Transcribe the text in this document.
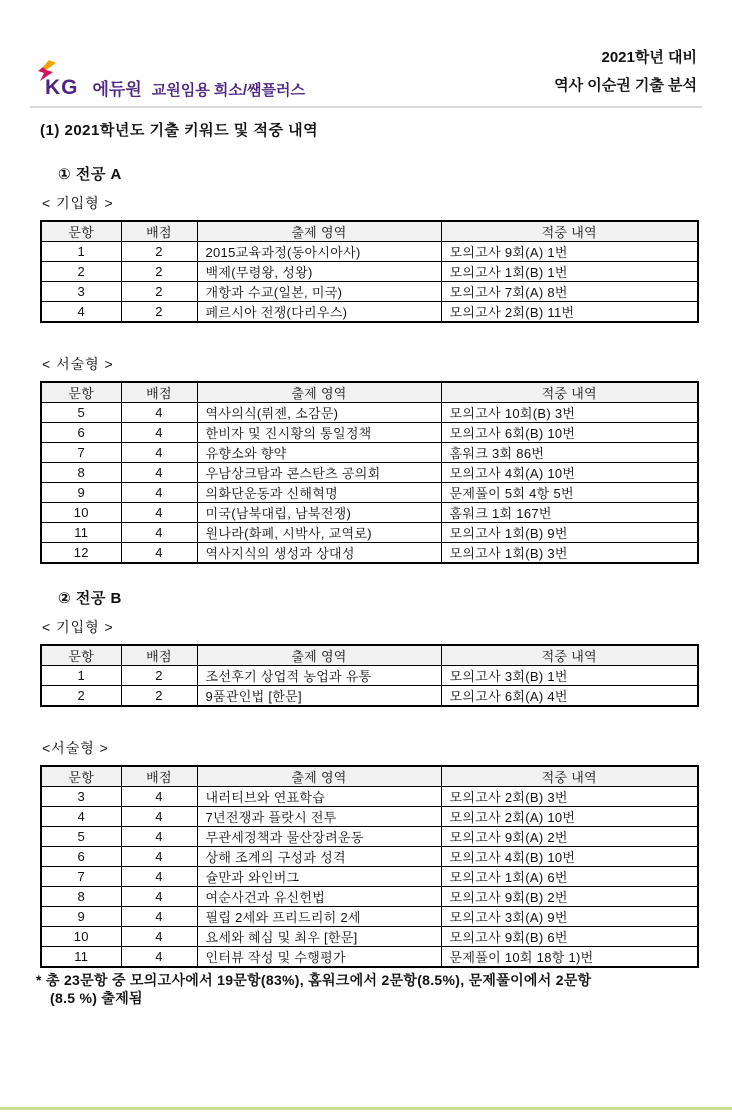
KG 에듀원 교원임용 희소/쌤플러스
2021학년 대비
역사 이순권 기출 분석
(1) 2021학년도 기출 키워드 및 적중 내역
① 전공 A
< 기입형 >
문항	배점	출제 영역	적중 내역
1	2	2015교육과정(동아시아사)	모의고사 9회(A) 1번
2	2	백제(무령왕, 성왕)	모의고사 1회(B) 1번
3	2	개항과 수교(일본, 미국)	모의고사 7회(A) 8번
4	2	페르시아 전쟁(다리우스)	모의고사 2회(B) 11번
< 서술형 >
문항	배점	출제 영역	적중 내역
5	4	역사의식(뤼젠, 소감문)	모의고사 10회(B) 3번
6	4	한비자 및 진시황의 통일정책	모의고사 6회(B) 10번
7	4	유향소와 향약	홈워크 3회 86번
8	4	우남상크탐과 콘스탄츠 공의회	모의고사 4회(A) 10번
9	4	의화단운동과 신해혁명	문제풀이 5회 4항 5번
10	4	미국(남북대립, 남북전쟁)	홈워크 1회 167번
11	4	원나라(화폐, 시박사, 교역로)	모의고사 1회(B) 9번
12	4	역사지식의 생성과 상대성	모의고사 1회(B) 3번
② 전공 B
< 기입형 >
문항	배점	출제 영역	적중 내역
1	2	조선후기 상업적 농업과 유통	모의고사 3회(B) 1번
2	2	9품관인법 [한문]	모의고사 6회(A) 4번
<서술형 >
문항	배점	출제 영역	적중 내역
3	4	내러티브와 연표학습	모의고사 2회(B) 3번
4	4	7년전쟁과 플랏시 전투	모의고사 2회(A) 10번
5	4	무관세정책과 물산장려운동	모의고사 9회(A) 2번
6	4	상해 조계의 구성과 성격	모의고사 4회(B) 10번
7	4	슐만과 와인버그	모의고사 1회(A) 6번
8	4	여순사건과 유신헌법	모의고사 9회(B) 2번
9	4	필립 2세와 프리드리히 2세	모의고사 3회(A) 9번
10	4	요세와 혜심 및 최우 [한문]	모의고사 9회(B) 6번
11	4	인터뷰 작성 및 수행평가	문제풀이 10회 18항 1)번
* 총 23문항 중 모의고사에서 19문항(83%), 홈워크에서 2문항(8.5%), 문제풀이에서 2문항
(8.5 %) 출제됨
